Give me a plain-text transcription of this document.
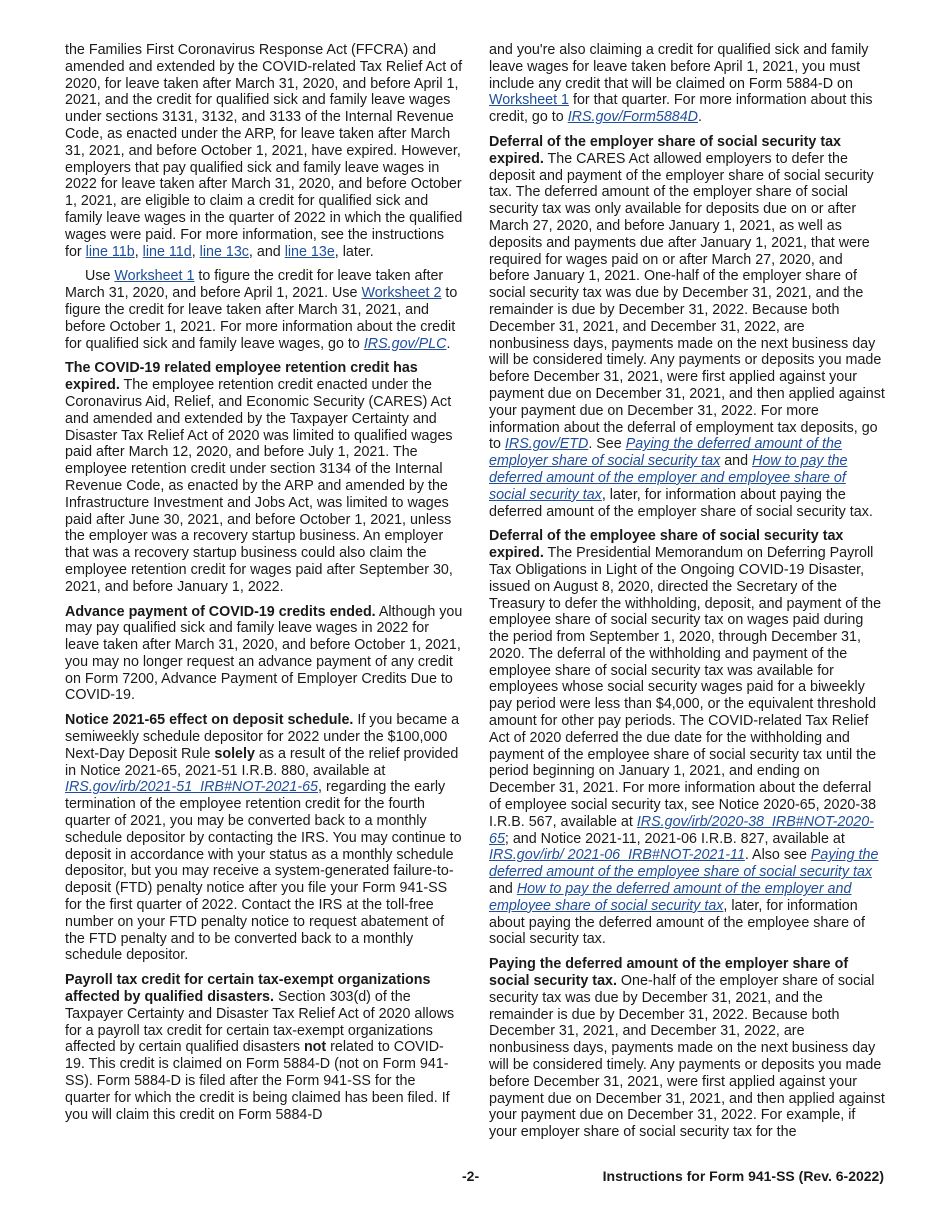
the Families First Coronavirus Response Act (FFCRA) and amended and extended by the COVID-related Tax Relief Act of 2020, for leave taken after March 31, 2020, and before April 1, 2021, and the credit for qualified sick and family leave wages under sections 3131, 3132, and 3133 of the Internal Revenue Code, as enacted under the ARP, for leave taken after March 31, 2021, and before October 1, 2021, have expired. However, employers that pay qualified sick and family leave wages in 2022 for leave taken after March 31, 2020, and before October 1, 2021, are eligible to claim a credit for qualified sick and family leave wages in the quarter of 2022 in which the qualified wages were paid. For more information, see the instructions for line 11b, line 11d, line 13c, and line 13e, later.

Use Worksheet 1 to figure the credit for leave taken after March 31, 2020, and before April 1, 2021. Use Worksheet 2 to figure the credit for leave taken after March 31, 2021, and before October 1, 2021. For more information about the credit for qualified sick and family leave wages, go to IRS.gov/PLC.

The COVID-19 related employee retention credit has expired. The employee retention credit enacted under the Coronavirus Aid, Relief, and Economic Security (CARES) Act and amended and extended by the Taxpayer Certainty and Disaster Tax Relief Act of 2020 was limited to qualified wages paid after March 12, 2020, and before July 1, 2021. The employee retention credit under section 3134 of the Internal Revenue Code, as enacted by the ARP and amended by the Infrastructure Investment and Jobs Act, was limited to wages paid after June 30, 2021, and before October 1, 2021, unless the employer was a recovery startup business. An employer that was a recovery startup business could also claim the employee retention credit for wages paid after September 30, 2021, and before January 1, 2022.

Advance payment of COVID-19 credits ended. Although you may pay qualified sick and family leave wages in 2022 for leave taken after March 31, 2020, and before October 1, 2021, you may no longer request an advance payment of any credit on Form 7200, Advance Payment of Employer Credits Due to COVID-19.

Notice 2021-65 effect on deposit schedule. If you became a semiweekly schedule depositor for 2022 under the $100,000 Next-Day Deposit Rule solely as a result of the relief provided in Notice 2021-65, 2021-51 I.R.B. 880, available at IRS.gov/irb/2021-51_IRB#NOT-2021-65, regarding the early termination of the employee retention credit for the fourth quarter of 2021, you may be converted back to a monthly schedule depositor by contacting the IRS. You may continue to deposit in accordance with your status as a monthly schedule depositor, but you may receive a system-generated failure-to-deposit (FTD) penalty notice after you file your Form 941-SS for the first quarter of 2022. Contact the IRS at the toll-free number on your FTD penalty notice to request abatement of the FTD penalty and to be converted back to a monthly schedule depositor.

Payroll tax credit for certain tax-exempt organizations affected by qualified disasters. Section 303(d) of the Taxpayer Certainty and Disaster Tax Relief Act of 2020 allows for a payroll tax credit for certain tax-exempt organizations affected by certain qualified disasters not related to COVID-19. This credit is claimed on Form 5884-D (not on Form 941-SS). Form 5884-D is filed after the Form 941-SS for the quarter for which the credit is being claimed has been filed. If you will claim this credit on Form 5884-D

and you're also claiming a credit for qualified sick and family leave wages for leave taken before April 1, 2021, you must include any credit that will be claimed on Form 5884-D on Worksheet 1 for that quarter. For more information about this credit, go to IRS.gov/Form5884D.

Deferral of the employer share of social security tax expired. The CARES Act allowed employers to defer the deposit and payment of the employer share of social security tax. The deferred amount of the employer share of social security tax was only available for deposits due on or after March 27, 2020, and before January 1, 2021, as well as deposits and payments due after January 1, 2021, that were required for wages paid on or after March 27, 2020, and before January 1, 2021. One-half of the employer share of social security tax was due by December 31, 2021, and the remainder is due by December 31, 2022. Because both December 31, 2021, and December 31, 2022, are nonbusiness days, payments made on the next business day will be considered timely. Any payments or deposits you made before December 31, 2021, were first applied against your payment due on December 31, 2021, and then applied against your payment due on December 31, 2022. For more information about the deferral of employment tax deposits, go to IRS.gov/ETD. See Paying the deferred amount of the employer share of social security tax and How to pay the deferred amount of the employer and employee share of social security tax, later, for information about paying the deferred amount of the employer share of social security tax.

Deferral of the employee share of social security tax expired. The Presidential Memorandum on Deferring Payroll Tax Obligations in Light of the Ongoing COVID-19 Disaster, issued on August 8, 2020, directed the Secretary of the Treasury to defer the withholding, deposit, and payment of the employee share of social security tax on wages paid during the period from September 1, 2020, through December 31, 2020. The deferral of the withholding and payment of the employee share of social security tax was available for employees whose social security wages paid for a biweekly pay period were less than $4,000, or the equivalent threshold amount for other pay periods. The COVID-related Tax Relief Act of 2020 deferred the due date for the withholding and payment of the employee share of social security tax until the period beginning on January 1, 2021, and ending on December 31, 2021. For more information about the deferral of employee social security tax, see Notice 2020-65, 2020-38 I.R.B. 567, available at IRS.gov/irb/2020-38_IRB#NOT-2020-65; and Notice 2021-11, 2021-06 I.R.B. 827, available at IRS.gov/irb/ 2021-06_IRB#NOT-2021-11. Also see Paying the deferred amount of the employee share of social security tax and How to pay the deferred amount of the employer and employee share of social security tax, later, for information about paying the deferred amount of the employee share of social security tax.

Paying the deferred amount of the employer share of social security tax. One-half of the employer share of social security tax was due by December 31, 2021, and the remainder is due by December 31, 2022. Because both December 31, 2021, and December 31, 2022, are nonbusiness days, payments made on the next business day will be considered timely. Any payments or deposits you made before December 31, 2021, were first applied against your payment due on December 31, 2021, and then applied against your payment due on December 31, 2022. For example, if your employer share of social security tax for the

-2-	Instructions for Form 941-SS (Rev. 6-2022)
